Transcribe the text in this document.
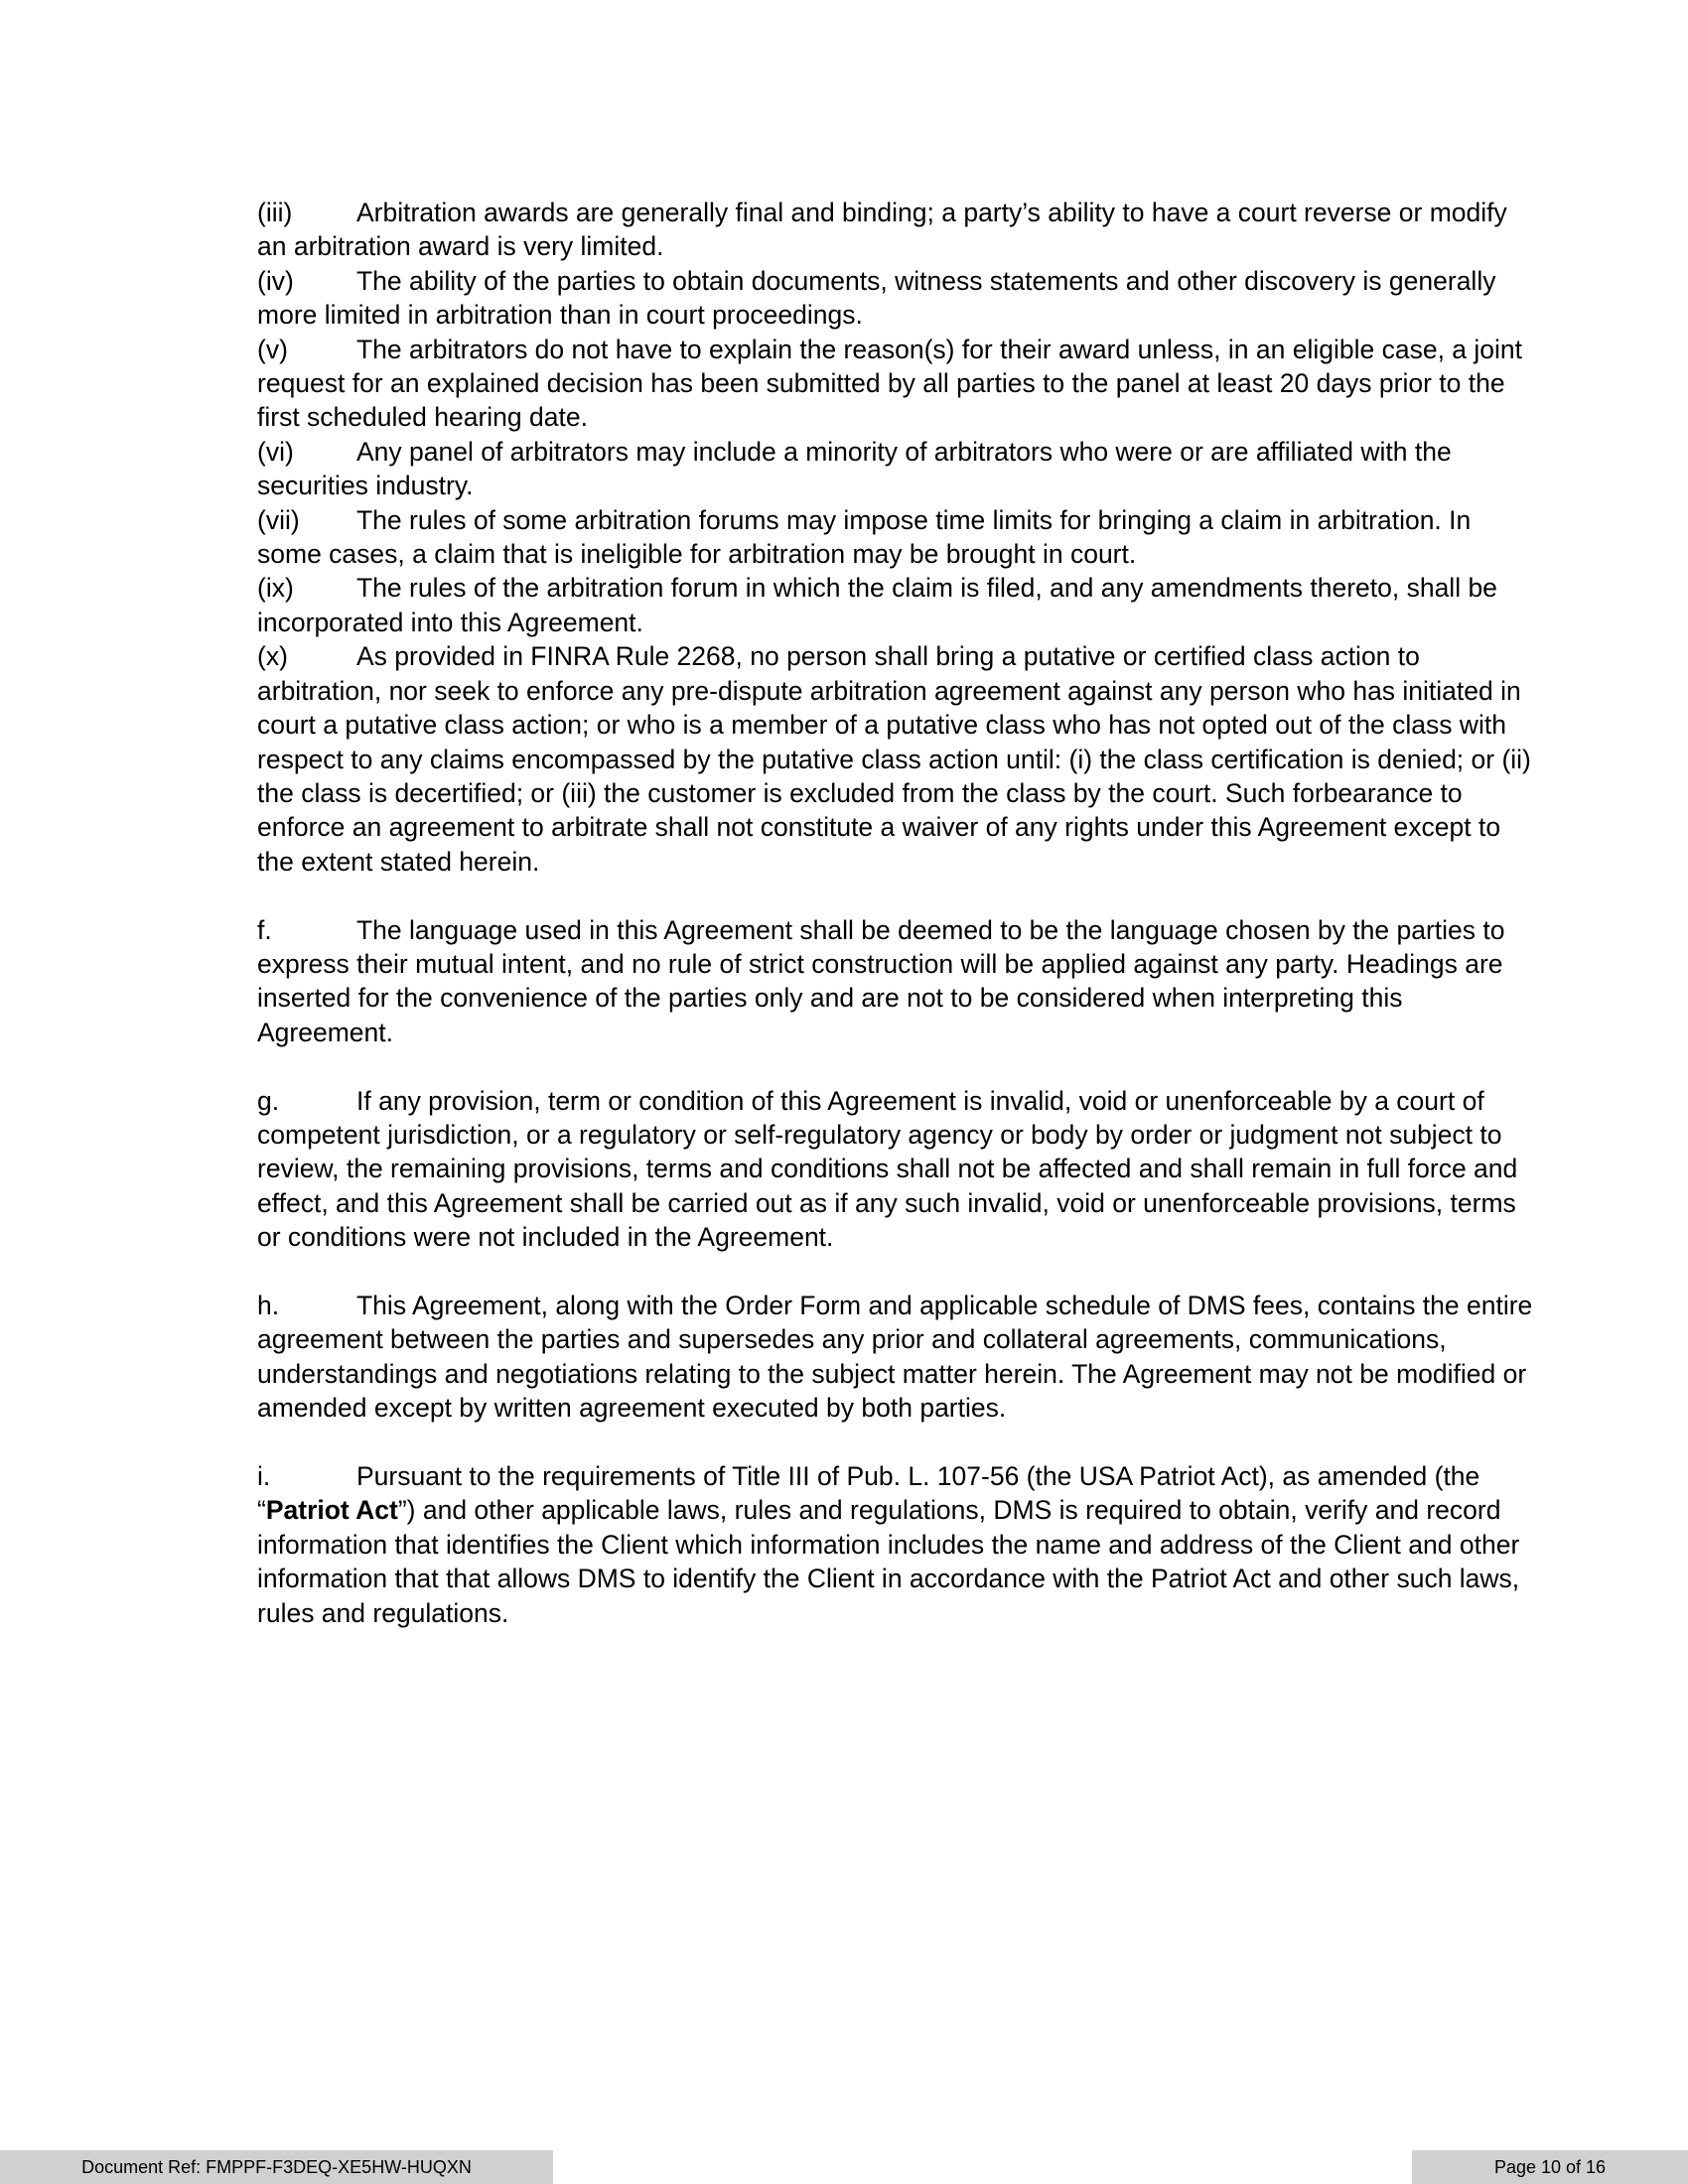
(iii) Arbitration awards are generally final and binding; a party’s ability to have a court reverse or modify an arbitration award is very limited.

(iv) The ability of the parties to obtain documents, witness statements and other discovery is generally more limited in arbitration than in court proceedings.

(v)	The arbitrators do not have to explain the reason(s) for their award unless, in an eligible case, a joint request for an explained decision has been submitted by all parties to the panel at least 20 days prior to the first scheduled hearing date.

(vi) Any panel of arbitrators may include a minority of arbitrators who were or are affiliated with the securities industry.

(vii) The rules of some arbitration forums may impose time limits for bringing a claim in arbitration. In some cases, a claim that is ineligible for arbitration may be brought in court.

(ix) The rules of the arbitration forum in which the claim is filed, and any amendments thereto, shall be incorporated into this Agreement.

(x)	As provided in FINRA Rule 2268, no person shall bring a putative or certified class action to arbitration, nor seek to enforce any pre-dispute arbitration agreement against any person who has initiated in court a putative class action; or who is a member of a putative class who has not opted out of the class with respect to any claims encompassed by the putative class action until: (i) the class certification is denied; or (ii) the class is decertified; or (iii) the customer is excluded from the class by the court. Such forbearance to enforce an agreement to arbitrate shall not constitute a waiver of any rights under this Agreement except to the extent stated herein.

f.	The language used in this Agreement shall be deemed to be the language chosen by the parties to express their mutual intent, and no rule of strict construction will be applied against any party. Headings are inserted for the convenience of the parties only and are not to be considered when interpreting this Agreement.

g.	If any provision, term or condition of this Agreement is invalid, void or unenforceable by a court of competent jurisdiction, or a regulatory or self-regulatory agency or body by order or judgment not subject to review, the remaining provisions, terms and conditions shall not be affected and shall remain in full force and effect, and this Agreement shall be carried out as if any such invalid, void or unenforceable provisions, terms or conditions were not included in the Agreement.

h.	This Agreement, along with the Order Form and applicable schedule of DMS fees, contains the entire agreement between the parties and supersedes any prior and collateral agreements, communications, understandings and negotiations relating to the subject matter herein. The Agreement may not be modified or amended except by written agreement executed by both parties.

i.	Pursuant to the requirements of Title III of Pub. L. 107-56 (the USA Patriot Act), as amended (the “Patriot Act”) and other applicable laws, rules and regulations, DMS is required to obtain, verify and record information that identifies the Client which information includes the name and address of the Client and other information that that allows DMS to identify the Client in accordance with the Patriot Act and other such laws, rules and regulations.

Document Ref: FMPPF-F3DEQ-XE5HW-HUQXN	Page 10 of 16
